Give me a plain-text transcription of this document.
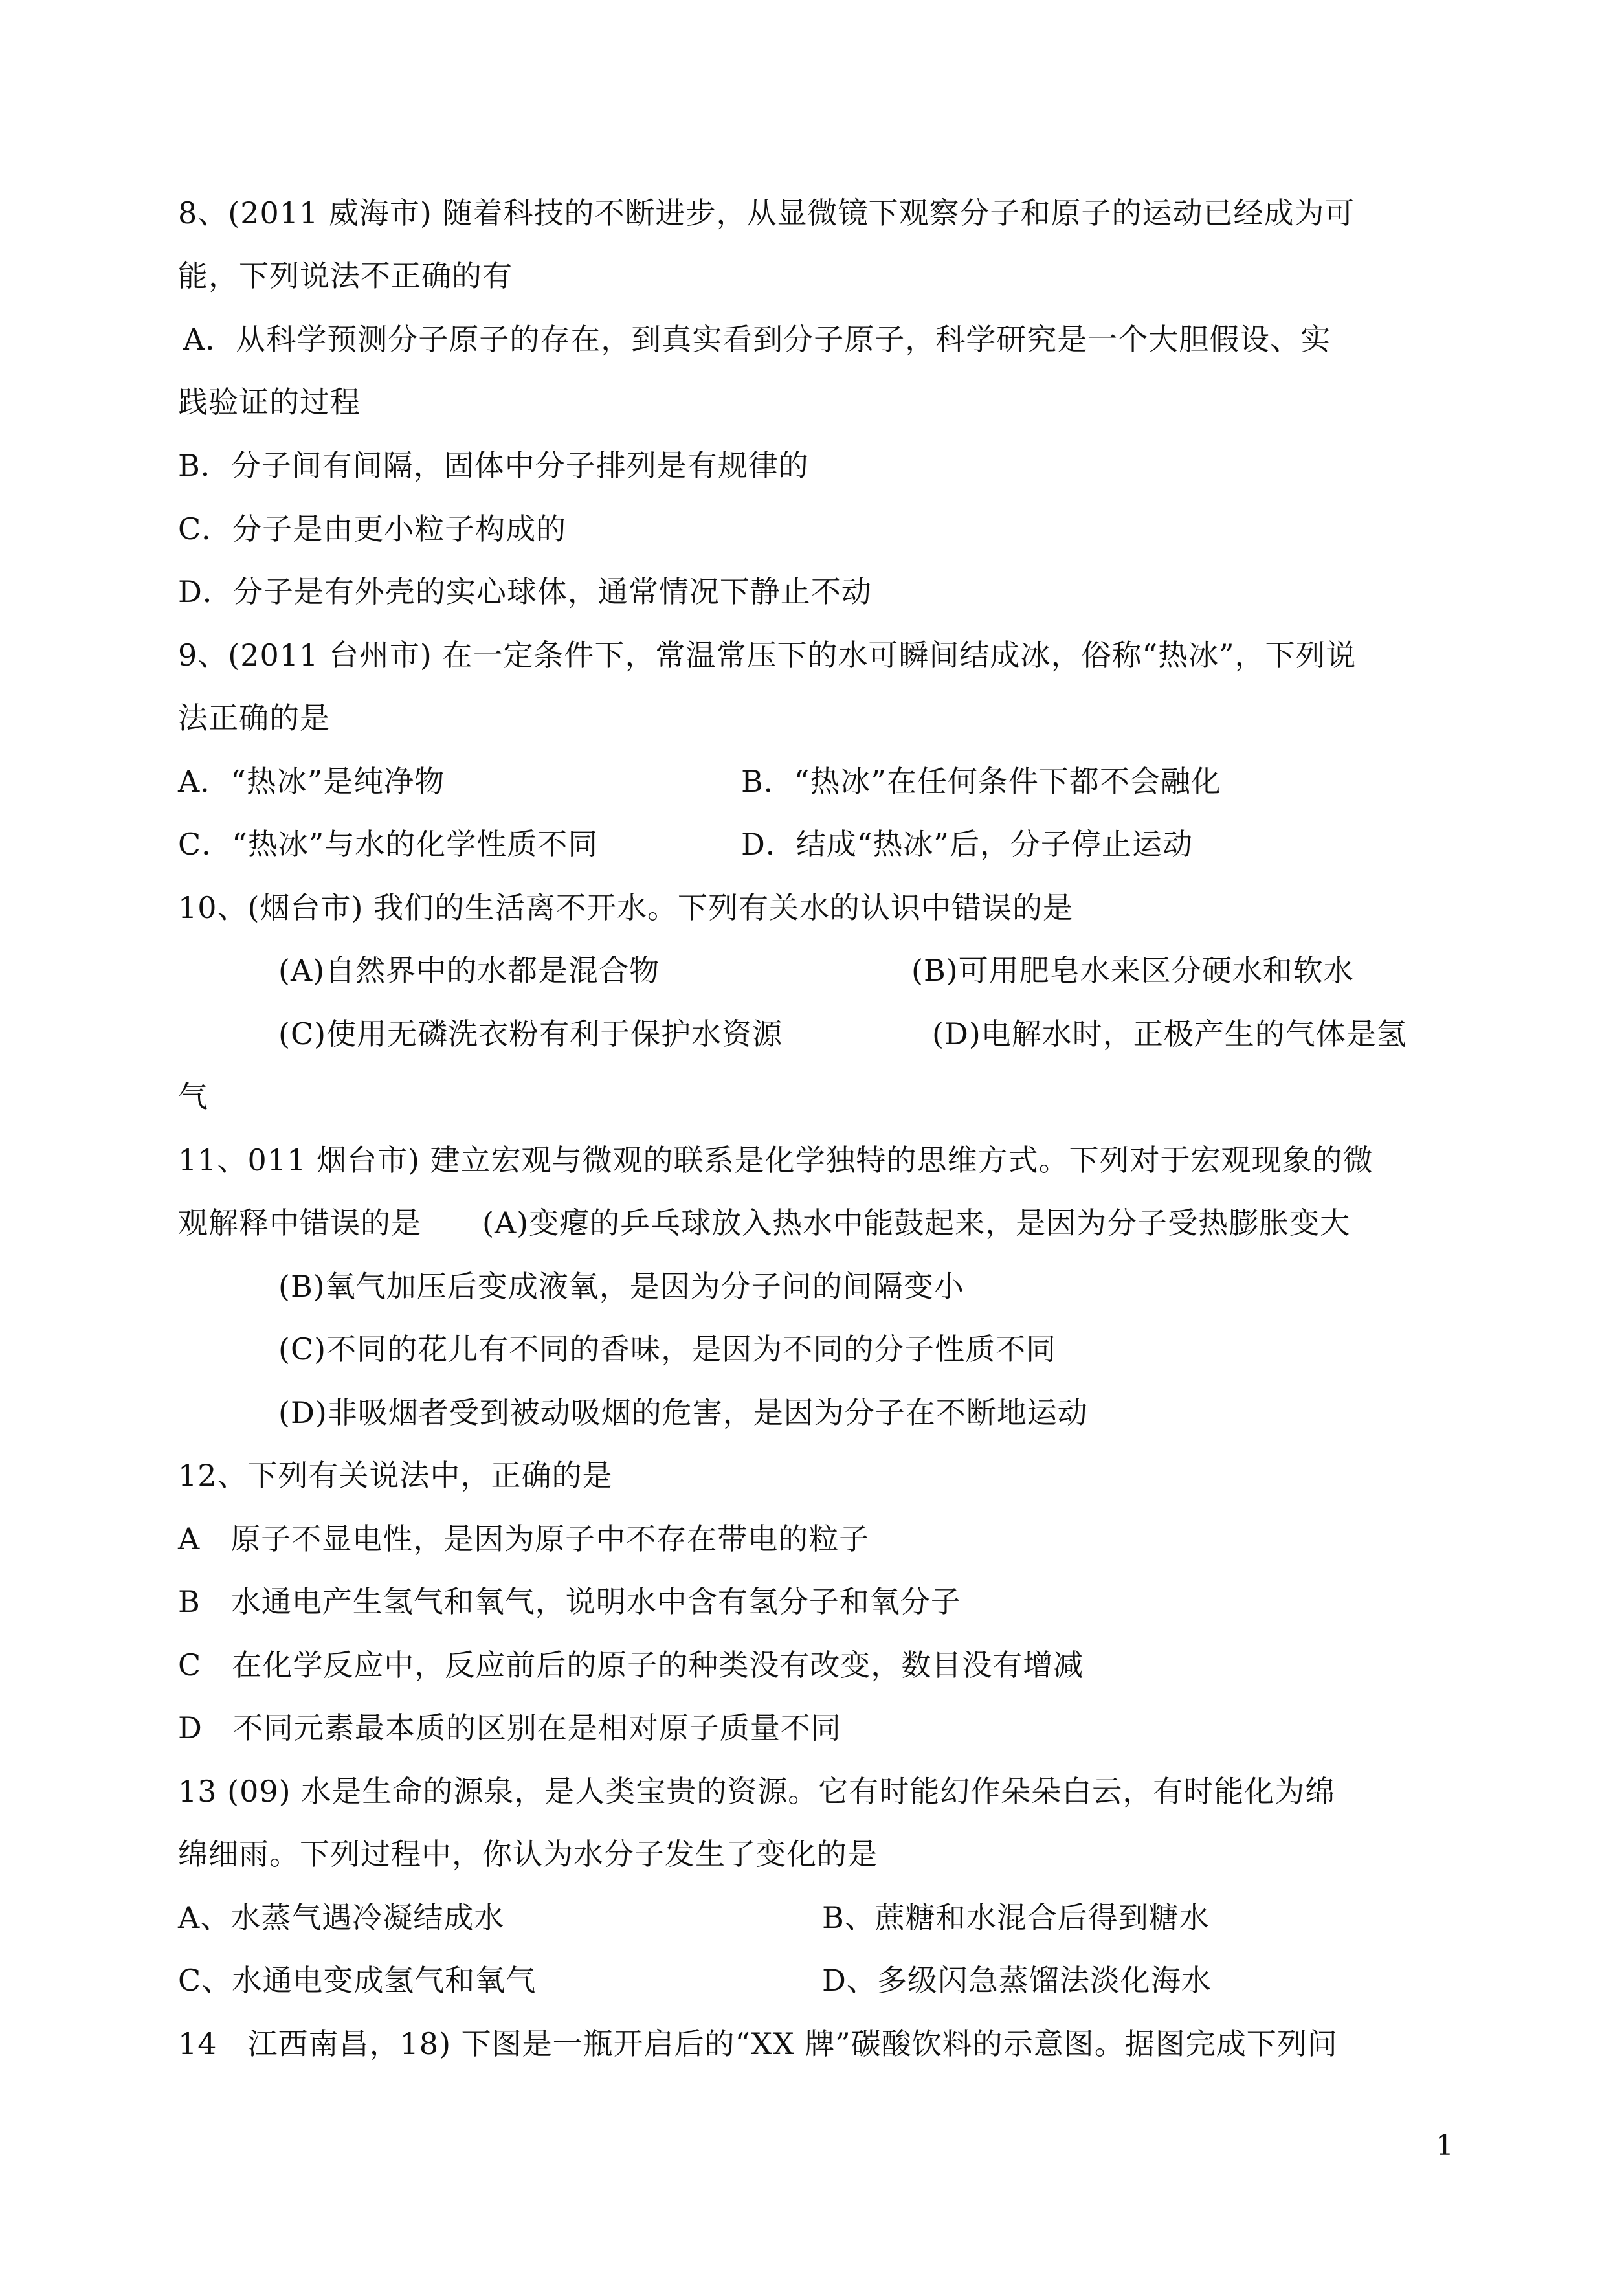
8、(2011 威海市) 随着科技的不断进步，从显微镜下观察分子和原子的运动已经成为可
能，下列说法不正确的有
A．从科学预测分子原子的存在，到真实看到分子原子，科学研究是一个大胆假设、实
践验证的过程
B．分子间有间隔，固体中分子排列是有规律的
C．分子是由更小粒子构成的
D．分子是有外壳的实心球体，通常情况下静止不动
9、(2011 台州市) 在一定条件下，常温常压下的水可瞬间结成冰，俗称“热冰”，下列说
法正确的是
A．“热冰”是纯净物	B．“热冰”在任何条件下都不会融化
C．“热冰”与水的化学性质不同	D．结成“热冰”后，分子停止运动
10、(烟台市) 我们的生活离不开水。下列有关水的认识中错误的是
(A)自然界中的水都是混合物	(B)可用肥皂水来区分硬水和软水
(C)使用无磷洗衣粉有利于保护水资源	(D)电解水时，正极产生的气体是氢
气
11、011 烟台市) 建立宏观与微观的联系是化学独特的思维方式。下列对于宏观现象的微
观解释中错误的是 (A)变瘪的乒乓球放入热水中能鼓起来，是因为分子受热膨胀变大
(B)氧气加压后变成液氧，是因为分子问的间隔变小
(C)不同的花儿有不同的香味，是因为不同的分子性质不同
(D)非吸烟者受到被动吸烟的危害，是因为分子在不断地运动
12、下列有关说法中，正确的是
A　原子不显电性，是因为原子中不存在带电的粒子
B　水通电产生氢气和氧气，说明水中含有氢分子和氧分子
C　在化学反应中，反应前后的原子的种类没有改变，数目没有增减
D　不同元素最本质的区别在是相对原子质量不同
13 (09) 水是生命的源泉，是人类宝贵的资源。它有时能幻作朵朵白云，有时能化为绵
绵细雨。下列过程中，你认为水分子发生了变化的是
A、水蒸气遇冷凝结成水	B、蔗糖和水混合后得到糖水
C、水通电变成氢气和氧气	D、多级闪急蒸馏法淡化海水
14　江西南昌，18) 下图是一瓶开启后的“XX 牌”碳酸饮料的示意图。据图完成下列问
1
